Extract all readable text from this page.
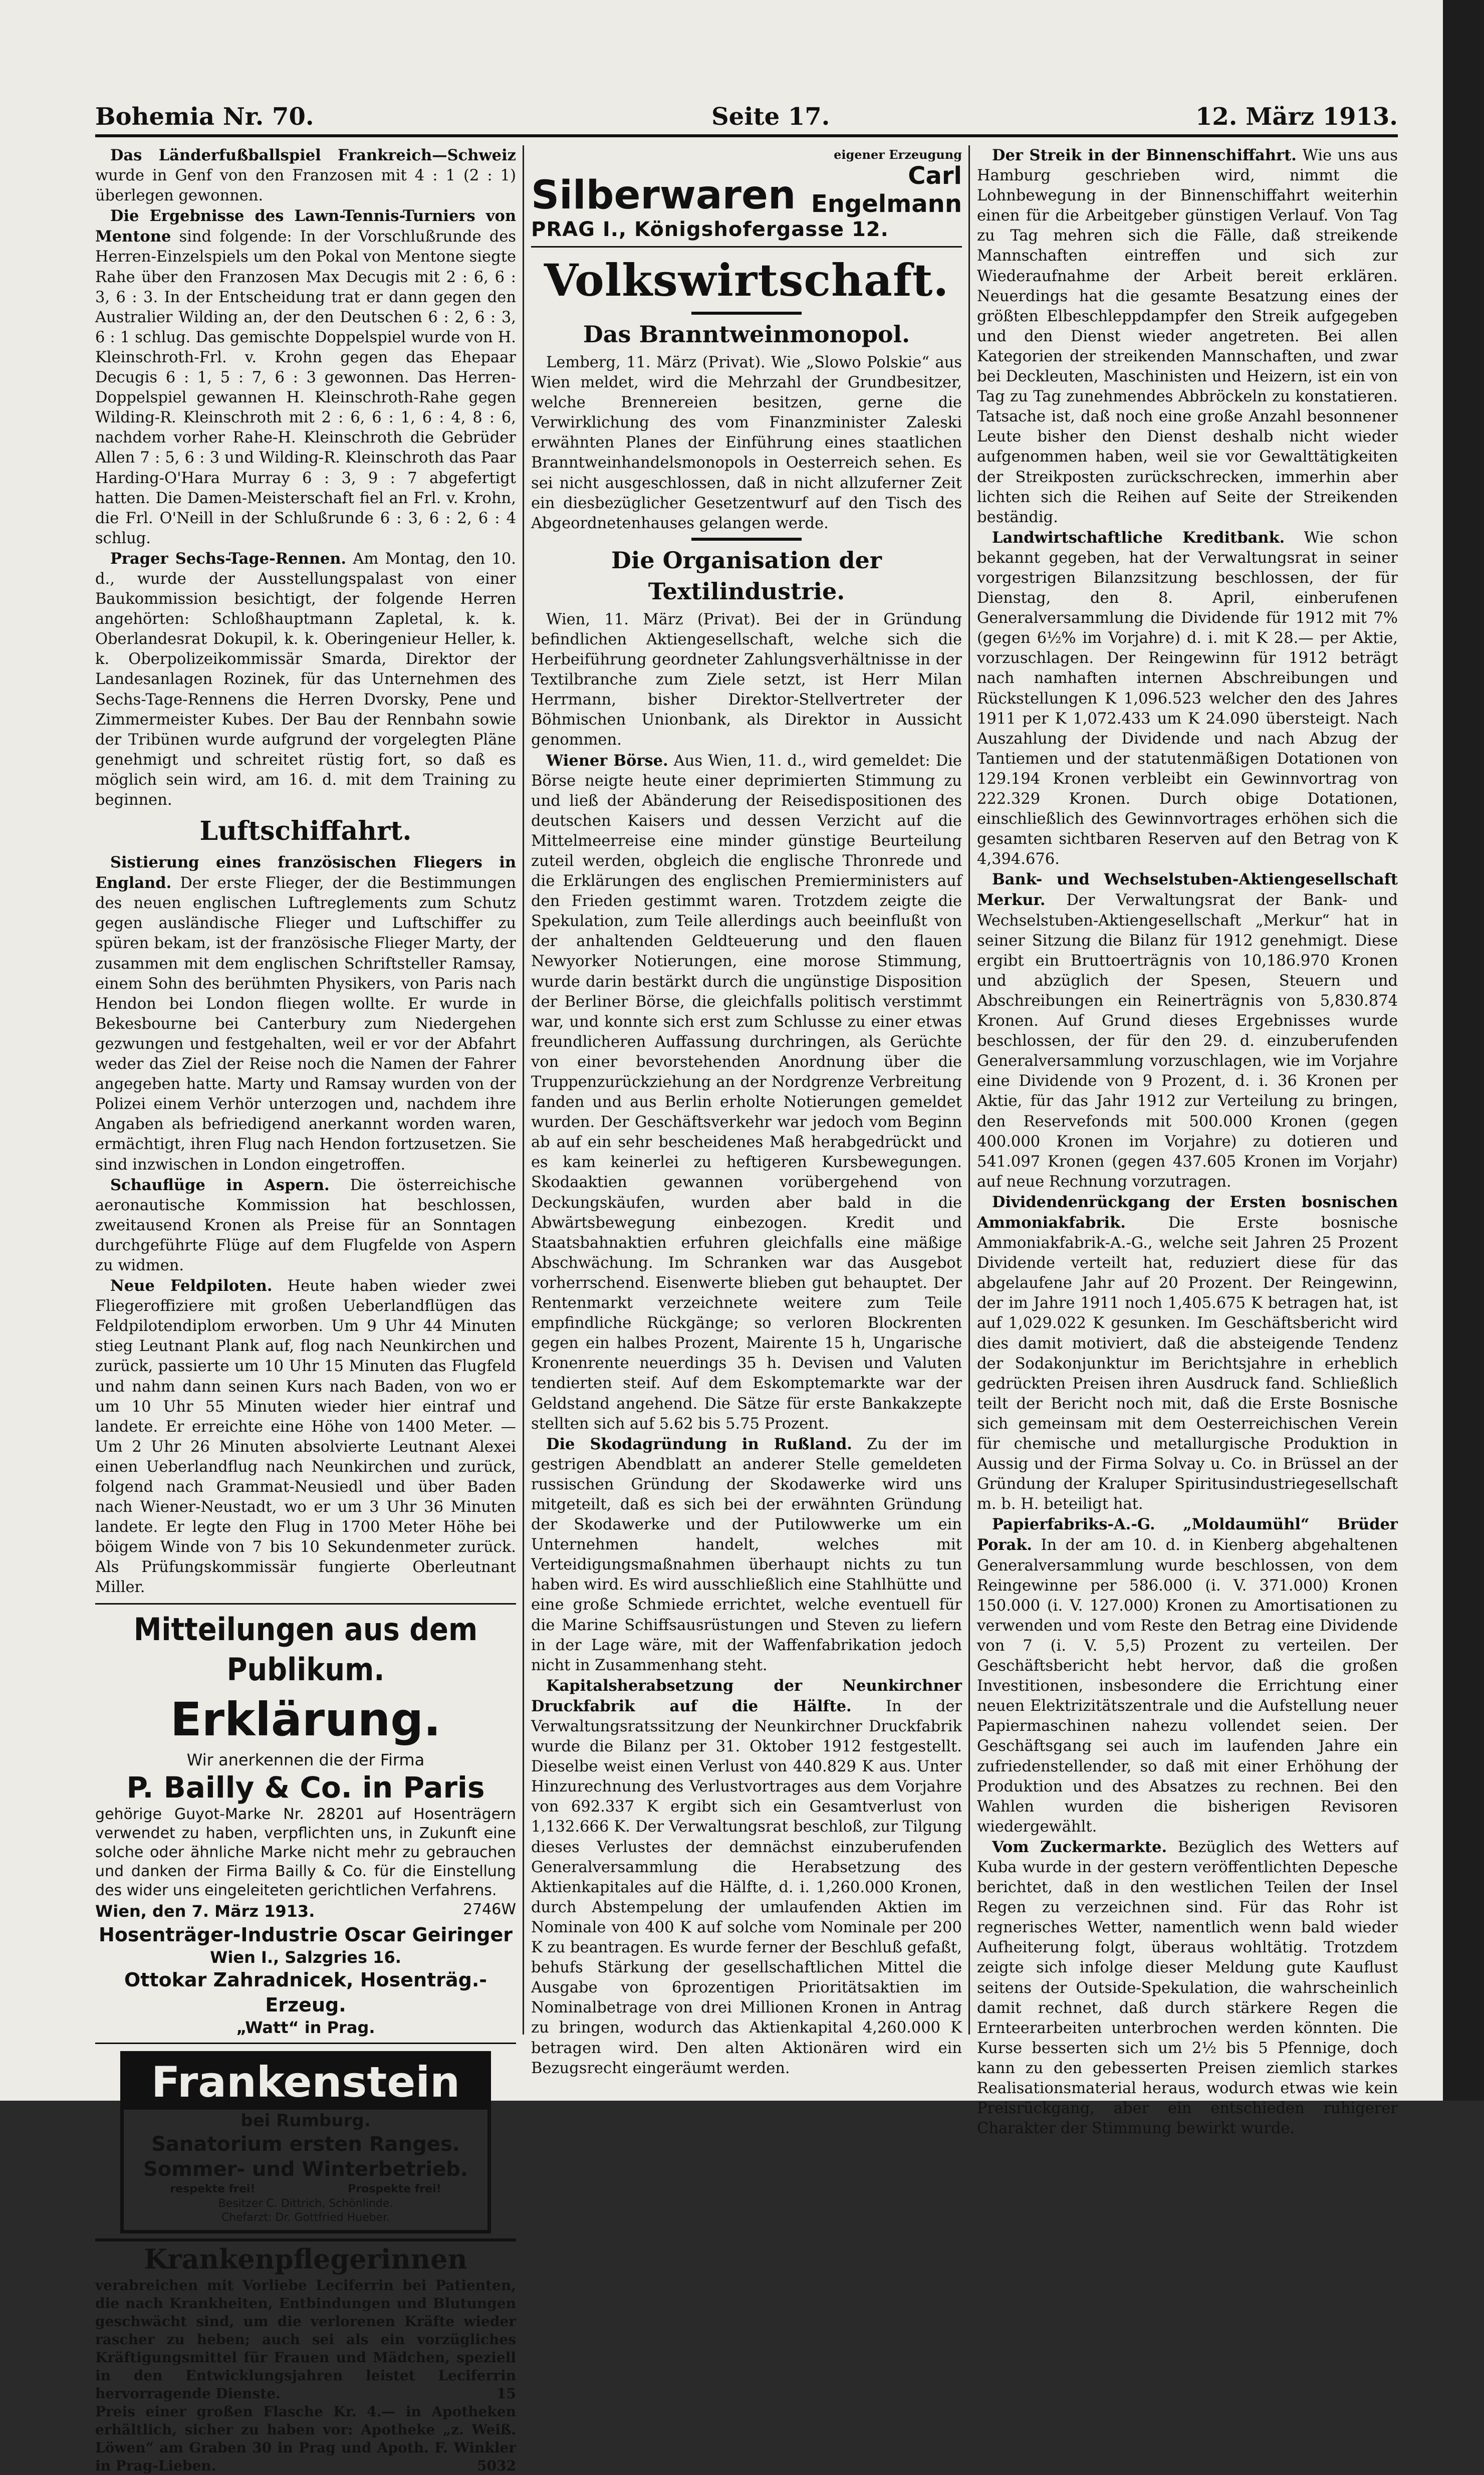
Bohemia Nr. 70.	Seite 17.	12. März 1913.

Das Länderfußballspiel Frankreich—Schweiz wurde in Genf von den Franzosen mit 4 : 1 (2 : 1) überlegen gewonnen.

Die Ergebnisse des Lawn-Tennis-Turniers von Mentone sind folgende: In der Vorschlußrunde des Herren-Einzelspiels um den Pokal von Mentone siegte Rahe über den Franzosen Max Decugis mit 2 : 6, 6 : 3, 6 : 3. In der Entscheidung trat er dann gegen den Australier Wilding an, der den Deutschen 6 : 2, 6 : 3, 6 : 1 schlug. Das gemischte Doppelspiel wurde von H. Kleinschroth-Frl. v. Krohn gegen das Ehepaar Decugis 6 : 1, 5 : 7, 6 : 3 gewonnen. Das Herren-Doppelspiel gewannen H. Kleinschroth-Rahe gegen Wilding-R. Kleinschroth mit 2 : 6, 6 : 1, 6 : 4, 8 : 6, nachdem vorher Rahe-H. Kleinschroth die Gebrüder Allen 7 : 5, 6 : 3 und Wilding-R. Kleinschroth das Paar Harding-O'Hara Murray 6 : 3, 9 : 7 abgefertigt hatten. Die Damen-Meisterschaft fiel an Frl. v. Krohn, die Frl. O'Neill in der Schlußrunde 6 : 3, 6 : 2, 6 : 4 schlug.

Prager Sechs-Tage-Rennen. Am Montag, den 10. d., wurde der Ausstellungspalast von einer Baukommission besichtigt, der folgende Herren angehörten: Schloßhauptmann Zapletal, k. k. Oberlandesrat Dokupil, k. k. Oberingenieur Heller, k. k. Oberpolizeikommissär Smarda, Direktor der Landesanlagen Rozinek, für das Unternehmen des Sechs-Tage-Rennens die Herren Dvorsky, Pene und Zimmermeister Kubes. Der Bau der Rennbahn sowie der Tribünen wurde aufgrund der vorgelegten Pläne genehmigt und schreitet rüstig fort, so daß es möglich sein wird, am 16. d. mit dem Training zu beginnen.

Luftschiffahrt.

Sistierung eines französischen Fliegers in England. Der erste Flieger, der die Bestimmungen des neuen englischen Luftreglements zum Schutz gegen ausländische Flieger und Luftschiffer zu spüren bekam, ist der französische Flieger Marty, der zusammen mit dem englischen Schriftsteller Ramsay, einem Sohn des berühmten Physikers, von Paris nach Hendon bei London fliegen wollte. Er wurde in Bekesbourne bei Canterbury zum Niedergehen gezwungen und festgehalten, weil er vor der Abfahrt weder das Ziel der Reise noch die Namen der Fahrer angegeben hatte. Marty und Ramsay wurden von der Polizei einem Verhör unterzogen und, nachdem ihre Angaben als befriedigend anerkannt worden waren, ermächtigt, ihren Flug nach Hendon fortzusetzen. Sie sind inzwischen in London eingetroffen.

Schauflüge in Aspern. Die österreichische aeronautische Kommission hat beschlossen, zweitausend Kronen als Preise für an Sonntagen durchgeführte Flüge auf dem Flugfelde von Aspern zu widmen.

Neue Feldpiloten. Heute haben wieder zwei Fliegeroffiziere mit großen Ueberlandflügen das Feldpilotendiplom erworben. Um 9 Uhr 44 Minuten stieg Leutnant Plank auf, flog nach Neunkirchen und zurück, passierte um 10 Uhr 15 Minuten das Flugfeld und nahm dann seinen Kurs nach Baden, von wo er um 10 Uhr 55 Minuten wieder hier eintraf und landete. Er erreichte eine Höhe von 1400 Meter. — Um 2 Uhr 26 Minuten absolvierte Leutnant Alexei einen Ueberlandflug nach Neunkirchen und zurück, folgend nach Grammat-Neusiedl und über Baden nach Wiener-Neustadt, wo er um 3 Uhr 36 Minuten landete. Er legte den Flug in 1700 Meter Höhe bei böigem Winde von 7 bis 10 Sekundenmeter zurück. Als Prüfungskommissär fungierte Oberleutnant Miller.

Mitteilungen aus dem Publikum.
Erklärung.
Wir anerkennen die der Firma
P. Bailly & Co. in Paris
gehörige Guyot-Marke Nr. 28201 auf Hosenträgern verwendet zu haben, verpflichten uns, in Zukunft eine solche oder ähnliche Marke nicht mehr zu gebrauchen und danken der Firma Bailly & Co. für die Einstellung des wider uns eingeleiteten gerichtlichen Verfahrens.
2746W
Wien, den 7. März 1913.
Hosenträger-Industrie Oscar Geiringer
Wien I., Salzgries 16.
Ottokar Zahradnicek, Hosenträg.-Erzeug.
„Watt“ in Prag.
Frankenstein
bei Rumburg.
Sanatorium ersten Ranges.
Sommer- und Winterbetrieb.
respekte frei!	Prospekte frei!
Besitzer C. Dittrich, Schönlinde.
Chefarzt: Dr. Gottfried Hueber.
Krankenpflegerinnen
verabreichen mit Vorliebe Leciferrin bei Patienten, die nach Krankheiten, Entbindungen und Blutungen geschwächt sind, um die verlorenen Kräfte wieder rascher zu heben; auch sei als ein vorzügliches Kräftigungsmittel für Frauen und Mädchen, speziell in den Entwicklungsjahren leistet Leciferrin hervorragende Dienste.	15
Preis einer großen Flasche Kr. 4.— in Apotheken erhältlich, sicher zu haben vor: Apotheke „z. Weiß. Löwen“ am Graben 30 in Prag und Apoth. F. Winkler in Prag-Lieben.	5032
Silberwaren
eigener Erzeugung
Carl Engelmann
PRAG I., Königshofergasse 12.
Volkswirtschaft.
Das Branntweinmonopol.

Lemberg, 11. März (Privat). Wie „Slowo Polskie“ aus Wien meldet, wird die Mehrzahl der Grundbesitzer, welche Brennereien besitzen, gerne die Verwirklichung des vom Finanzminister Zaleski erwähnten Planes der Einführung eines staatlichen Branntweinhandelsmonopols in Oesterreich sehen. Es sei nicht ausgeschlossen, daß in nicht allzuferner Zeit ein diesbezüglicher Gesetzentwurf auf den Tisch des Abgeordnetenhauses gelangen werde.

Die Organisation der Textilindustrie.

Wien, 11. März (Privat). Bei der in Gründung befindlichen Aktiengesellschaft, welche sich die Herbeiführung geordneter Zahlungsverhältnisse in der Textilbranche zum Ziele setzt, ist Herr Milan Herrmann, bisher Direktor-Stellvertreter der Böhmischen Unionbank, als Direktor in Aussicht genommen.

Wiener Börse. Aus Wien, 11. d., wird gemeldet: Die Börse neigte heute einer deprimierten Stimmung zu und ließ der Abänderung der Reisedispositionen des deutschen Kaisers und dessen Verzicht auf die Mittelmeerreise eine minder günstige Beurteilung zuteil werden, obgleich die englische Thronrede und die Erklärungen des englischen Premierministers auf den Frieden gestimmt waren. Trotzdem zeigte die Spekulation, zum Teile allerdings auch beeinflußt von der anhaltenden Geldteuerung und den flauen Newyorker Notierungen, eine morose Stimmung, wurde darin bestärkt durch die ungünstige Disposition der Berliner Börse, die gleichfalls politisch verstimmt war, und konnte sich erst zum Schlusse zu einer etwas freundlicheren Auffassung durchringen, als Gerüchte von einer bevorstehenden Anordnung über die Truppenzurückziehung an der Nordgrenze Verbreitung fanden und aus Berlin erholte Notierungen gemeldet wurden. Der Geschäftsverkehr war jedoch vom Beginn ab auf ein sehr bescheidenes Maß herabgedrückt und es kam keinerlei zu heftigeren Kursbewegungen. Skodaaktien gewannen vorübergehend von Deckungskäufen, wurden aber bald in die Abwärtsbewegung einbezogen. Kredit und Staatsbahnaktien erfuhren gleichfalls eine mäßige Abschwächung. Im Schranken war das Ausgebot vorherrschend. Eisenwerte blieben gut behauptet. Der Rentenmarkt verzeichnete weitere zum Teile empfindliche Rückgänge; so verloren Blockrenten gegen ein halbes Prozent, Mairente 15 h, Ungarische Kronenrente neuerdings 35 h. Devisen und Valuten tendierten steif. Auf dem Eskomptemarkte war der Geldstand angehend. Die Sätze für erste Bankakzepte stellten sich auf 5.62 bis 5.75 Prozent.

Die Skodagründung in Rußland. Zu der im gestrigen Abendblatt an anderer Stelle gemeldeten russischen Gründung der Skodawerke wird uns mitgeteilt, daß es sich bei der erwähnten Gründung der Skodawerke und der Putilowwerke um ein Unternehmen handelt, welches mit Verteidigungsmaßnahmen überhaupt nichts zu tun haben wird. Es wird ausschließlich eine Stahlhütte und eine große Schmiede errichtet, welche eventuell für die Marine Schiffsausrüstungen und Steven zu liefern in der Lage wäre, mit der Waffenfabrikation jedoch nicht in Zusammenhang steht.

Kapitalsherabsetzung der Neunkirchner Druckfabrik auf die Hälfte. In der Verwaltungsratssitzung der Neunkirchner Druckfabrik wurde die Bilanz per 31. Oktober 1912 festgestellt. Dieselbe weist einen Verlust von 440.829 K aus. Unter Hinzurechnung des Verlustvortrages aus dem Vorjahre von 692.337 K ergibt sich ein Gesamtverlust von 1,132.666 K. Der Verwaltungsrat beschloß, zur Tilgung dieses Verlustes der demnächst einzuberufenden Generalversammlung die Herabsetzung des Aktienkapitales auf die Hälfte, d. i. 1,260.000 Kronen, durch Abstempelung der umlaufenden Aktien im Nominale von 400 K auf solche vom Nominale per 200 K zu beantragen. Es wurde ferner der Beschluß gefaßt, behufs Stärkung der gesellschaftlichen Mittel die Ausgabe von 6prozentigen Prioritätsaktien im Nominalbetrage von drei Millionen Kronen in Antrag zu bringen, wodurch das Aktienkapital 4,260.000 K betragen wird. Den alten Aktionären wird ein Bezugsrecht eingeräumt werden.

Der Streik in der Binnenschiffahrt. Wie uns aus Hamburg geschrieben wird, nimmt die Lohnbewegung in der Binnenschiffahrt weiterhin einen für die Arbeitgeber günstigen Verlauf. Von Tag zu Tag mehren sich die Fälle, daß streikende Mannschaften eintreffen und sich zur Wiederaufnahme der Arbeit bereit erklären. Neuerdings hat die gesamte Besatzung eines der größten Elbeschleppdampfer den Streik aufgegeben und den Dienst wieder angetreten. Bei allen Kategorien der streikenden Mannschaften, und zwar bei Deckleuten, Maschinisten und Heizern, ist ein von Tag zu Tag zunehmendes Abbröckeln zu konstatieren. Tatsache ist, daß noch eine große Anzahl besonnener Leute bisher den Dienst deshalb nicht wieder aufgenommen haben, weil sie vor Gewalttätigkeiten der Streikposten zurückschrecken, immerhin aber lichten sich die Reihen auf Seite der Streikenden beständig.

Landwirtschaftliche Kreditbank. Wie schon bekannt gegeben, hat der Verwaltungsrat in seiner vorgestrigen Bilanzsitzung beschlossen, der für Dienstag, den 8. April, einberufenen Generalversammlung die Dividende für 1912 mit 7% (gegen 6½% im Vorjahre) d. i. mit K 28.— per Aktie, vorzuschlagen. Der Reingewinn für 1912 beträgt nach namhaften internen Abschreibungen und Rückstellungen K 1,096.523 welcher den des Jahres 1911 per K 1,072.433 um K 24.090 übersteigt. Nach Auszahlung der Dividende und nach Abzug der Tantiemen und der statutenmäßigen Dotationen von 129.194 Kronen verbleibt ein Gewinnvortrag von 222.329 Kronen. Durch obige Dotationen, einschließlich des Gewinnvortrages erhöhen sich die gesamten sichtbaren Reserven auf den Betrag von K 4,394.676.

Bank- und Wechselstuben-Aktiengesellschaft Merkur. Der Verwaltungsrat der Bank- und Wechselstuben-Aktiengesellschaft „Merkur“ hat in seiner Sitzung die Bilanz für 1912 genehmigt. Diese ergibt ein Bruttoerträgnis von 10,186.970 Kronen und abzüglich der Spesen, Steuern und Abschreibungen ein Reinerträgnis von 5,830.874 Kronen. Auf Grund dieses Ergebnisses wurde beschlossen, der für den 29. d. einzuberufenden Generalversammlung vorzuschlagen, wie im Vorjahre eine Dividende von 9 Prozent, d. i. 36 Kronen per Aktie, für das Jahr 1912 zur Verteilung zu bringen, den Reservefonds mit 500.000 Kronen (gegen 400.000 Kronen im Vorjahre) zu dotieren und 541.097 Kronen (gegen 437.605 Kronen im Vorjahr) auf neue Rechnung vorzutragen.

Dividendenrückgang der Ersten bosnischen Ammoniakfabrik.	Die Erste bosnische Ammoniakfabrik-A.-G., welche seit Jahren 25 Prozent Dividende verteilt hat, reduziert diese für das abgelaufene Jahr auf 20 Prozent. Der Reingewinn, der im Jahre 1911 noch 1,405.675 K betragen hat, ist auf 1,029.022 K gesunken. Im Geschäftsbericht wird dies damit motiviert, daß die absteigende Tendenz der Sodakonjunktur im Berichtsjahre in erheblich gedrückten Preisen ihren Ausdruck fand. Schließlich teilt der Bericht noch mit, daß die Erste Bosnische sich gemeinsam mit dem Oesterreichischen Verein für chemische und metallurgische Produktion in Aussig und der Firma Solvay u. Co. in Brüssel an der Gründung der Kraluper Spiritusindustriegesellschaft m. b. H. beteiligt hat.

Papierfabriks-A.-G. „Moldaumühl“ Brüder Porak. In der am 10. d. in Kienberg abgehaltenen Generalversammlung wurde beschlossen, von dem Reingewinne per 586.000 (i. V. 371.000) Kronen 150.000 (i. V. 127.000) Kronen zu Amortisationen zu verwenden und vom Reste den Betrag eine Dividende von 7 (i. V. 5,5) Prozent zu verteilen. Der Geschäftsbericht hebt hervor, daß die großen Investitionen, insbesondere die Errichtung einer neuen Elektrizitätszentrale und die Aufstellung neuer Papiermaschinen nahezu vollendet seien. Der Geschäftsgang sei auch im laufenden Jahre ein zufriedenstellender, so daß mit einer Erhöhung der Produktion und des Absatzes zu rechnen. Bei den Wahlen wurden die bisherigen Revisoren wiedergewählt.

Vom Zuckermarkte. Bezüglich des Wetters auf Kuba wurde in der gestern veröffentlichten Depesche berichtet, daß in den westlichen Teilen der Insel Regen zu verzeichnen sind. Für das Rohr ist regnerisches Wetter, namentlich wenn bald wieder Aufheiterung folgt, überaus wohltätig. Trotzdem zeigte sich infolge dieser Meldung gute Kauflust seitens der Outside-Spekulation, die wahrscheinlich damit rechnet, daß durch stärkere Regen die Ernteerarbeiten unterbrochen werden könnten. Die Kurse besserten sich um 2½ bis 5 Pfennige, doch kann zu den gebesserten Preisen ziemlich starkes Realisationsmaterial heraus, wodurch etwas wie kein Preisrückgang, aber ein entschieden ruhigerer Charakter der Stimmung bewirkt wurde.
